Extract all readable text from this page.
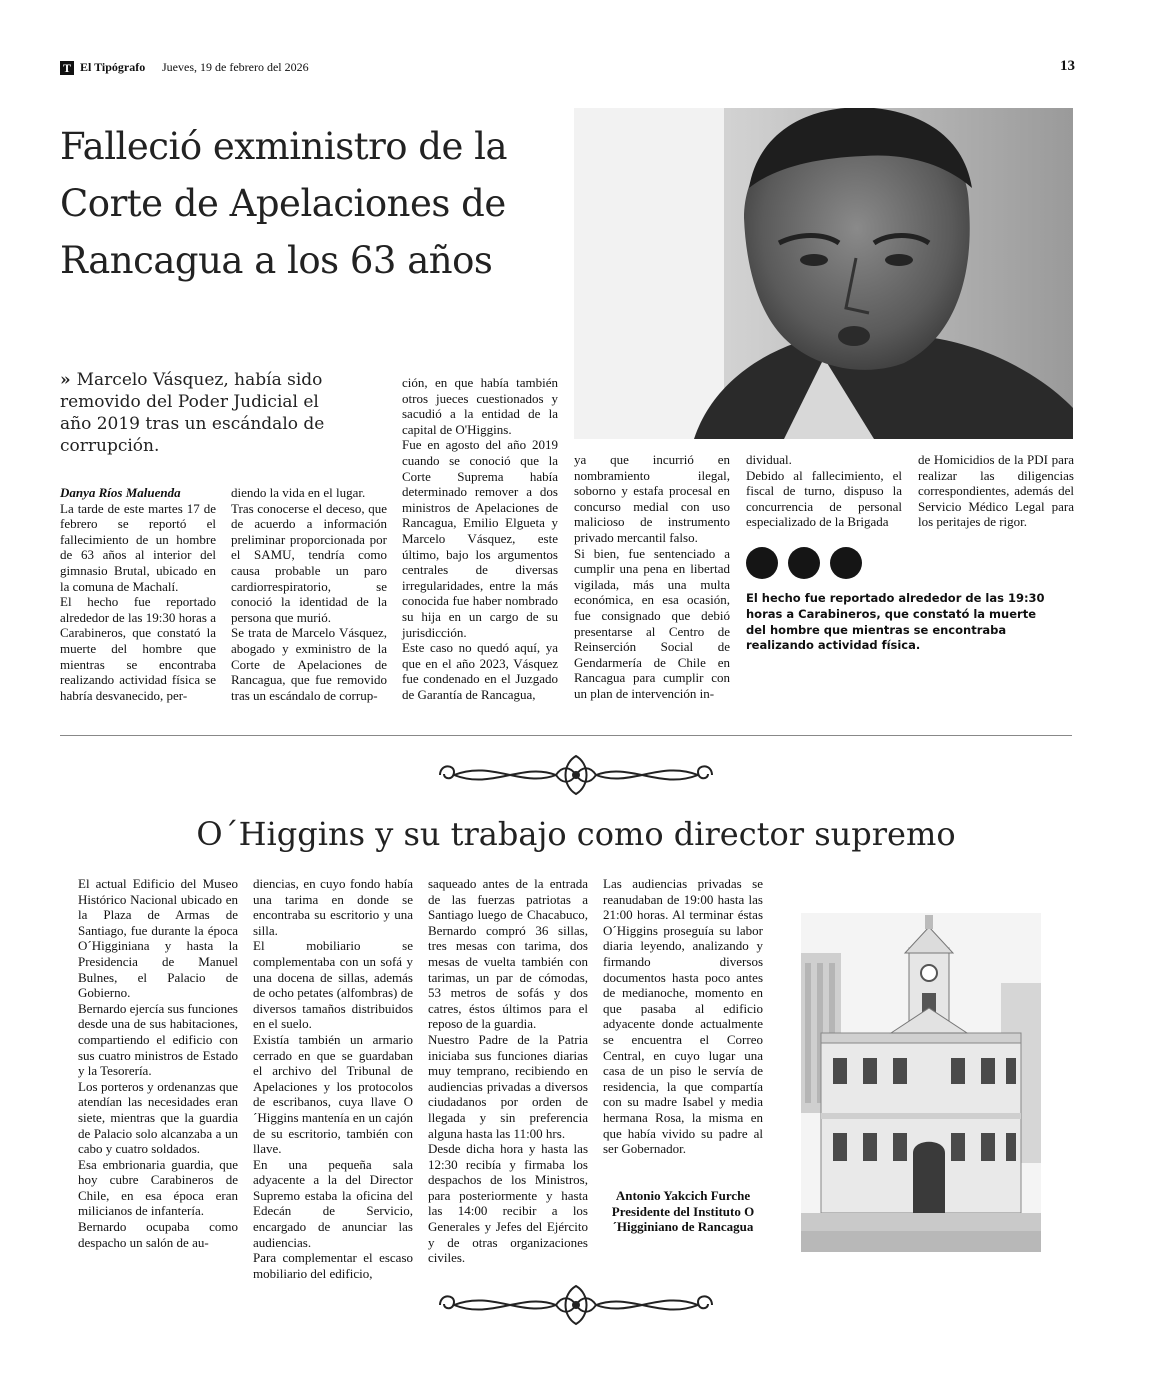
T El Tipógrafo Jueves, 19 de febrero del 2026	13
Falleció exministro de la Corte de Apelaciones de Rancagua a los 63 años
» Marcelo Vásquez, había sido removido del Poder Judicial el año 2019 tras un escándalo de corrupción.

Danya Ríos Maluenda

La tarde de este martes 17 de febrero se reportó el fallecimiento de un hombre de 63 años al interior del gimnasio Brutal, ubicado en la comuna de Machalí.

El hecho fue reportado alrededor de las 19:30 horas a Carabineros, que constató la muerte del hombre que mientras se encontraba realizando actividad física se habría desvanecido, per-

diendo la vida en el lugar.

Tras conocerse el deceso, que de acuerdo a información preliminar proporcionada por el SAMU, tendría como causa probable un paro cardiorrespiratorio, se conoció la identidad de la persona que murió.

Se trata de Marcelo Vásquez, abogado y exministro de la Corte de Apelaciones de Rancagua, que fue removido tras un escándalo de corrup-

ción, en que había también otros jueces cuestionados y sacudió a la entidad de la capital de O'Higgins.

Fue en agosto del año 2019 cuando se conoció que la Corte Suprema había determinado remover a dos ministros de Apelaciones de Rancagua, Emilio Elgueta y Marcelo Vásquez, este último, bajo los argumentos centrales de diversas irregularidades, entre la más conocida fue haber nombrado su hija en un cargo de su jurisdicción.

Este caso no quedó aquí, ya que en el año 2023, Vásquez fue condenado en el Juzgado de Garantía de Rancagua,

ya que incurrió en nombramiento ilegal, soborno y estafa procesal en concurso medial con uso malicioso de instrumento privado mercantil falso.

Si bien, fue sentenciado a cumplir una pena en libertad vigilada, más una multa económica, en esa ocasión, fue consignado que debió presentarse al Centro de Reinserción Social de Gendarmería de Chile en Rancagua para cumplir con un plan de intervención in-

dividual.

Debido al fallecimiento, el fiscal de turno, dispuso la concurrencia de personal especializado de la Brigada

de Homicidios de la PDI para realizar las diligencias correspondientes, además del Servicio Médico Legal para los peritajes de rigor.

El hecho fue reportado alrededor de las 19:30 horas a Carabineros, que constató la muerte del hombre que mientras se encontraba realizando actividad física.
O´Higgins y su trabajo como director supremo

El actual Edificio del Museo Histórico Nacional ubicado en la Plaza de Armas de Santiago, fue durante la época O´Higginiana y hasta la Presidencia de Manuel Bulnes, el Palacio de Gobierno.

Bernardo ejercía sus funciones desde una de sus habitaciones, compartiendo el edificio con sus cuatro ministros de Estado y la Tesorería.

Los porteros y ordenanzas que atendían las necesidades eran siete, mientras que la guardia de Palacio solo alcanzaba a un cabo y cuatro soldados.

Esa embrionaria guardia, que hoy cubre Carabineros de Chile, en esa época eran milicianos de infantería.

Bernardo ocupaba como despacho un salón de au-

diencias, en cuyo fondo había una tarima en donde se encontraba su escritorio y una silla.

El mobiliario se complementaba con un sofá y una docena de sillas, además de ocho petates (alfombras) de diversos tamaños distribuidos en el suelo.

Existía también un armario cerrado en que se guardaban el archivo del Tribunal de Apelaciones y los protocolos de escribanos, cuya llave O´Higgins mantenía en un cajón de su escritorio, también con llave.

En una pequeña sala adyacente a la del Director Supremo estaba la oficina del Edecán de Servicio, encargado de anunciar las audiencias.

Para complementar el escaso mobiliario del edificio,

saqueado antes de la entrada de las fuerzas patriotas a Santiago luego de Chacabuco, Bernardo compró 36 sillas, tres mesas con tarima, dos mesas de vuelta también con tarimas, un par de cómodas, 53 metros de sofás y dos catres, éstos últimos para el reposo de la guardia.

Nuestro Padre de la Patria iniciaba sus funciones diarias muy temprano, recibiendo en audiencias privadas a diversos ciudadanos por orden de llegada y sin preferencia alguna hasta las 11:00 hrs.

Desde dicha hora y hasta las 12:30 recibía y firmaba los despachos de los Ministros, para posteriormente y hasta las 14:00 recibir a los Generales y Jefes del Ejército y de otras organizaciones civiles.

Las audiencias privadas se reanudaban de 19:00 hasta las 21:00 horas. Al terminar éstas O´Higgins proseguía su labor diaria leyendo, analizando y firmando diversos documentos hasta poco antes de medianoche, momento en que pasaba al edificio adyacente donde actualmente se encuentra el Correo Central, en cuyo lugar una casa de un piso le servía de residencia, la que compartía con su madre Isabel y media hermana Rosa, la misma en que había vivido su padre al ser Gobernador.

Antonio Yakcich Furche
Presidente del Instituto O´Higginiano de Rancagua
